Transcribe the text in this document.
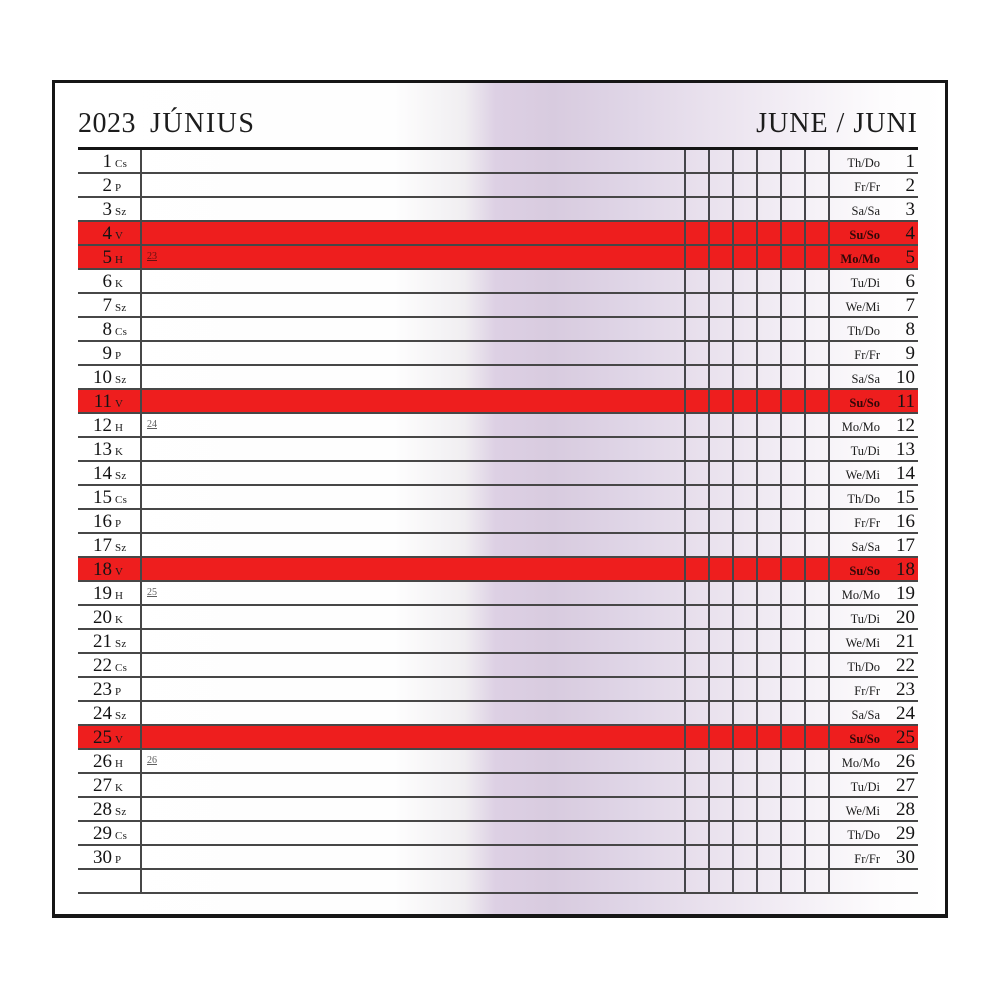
2023 JÚNIUS	JUNE / JUNI
1 Cs	Th/Do	1
2 P	Fr/Fr	2
3 Sz	Sa/Sa	3
4 V	Su/So	4
5 H 23	Mo/Mo	5
6 K	Tu/Di	6
7 Sz	We/Mi	7
8 Cs	Th/Do	8
9 P	Fr/Fr	9
10 Sz	Sa/Sa 10
11 V	Su/So 11
12 H 24	Mo/Mo 12
13 K	Tu/Di 13
14 Sz	We/Mi 14
15 Cs	Th/Do 15
16 P	Fr/Fr 16
17 Sz	Sa/Sa 17
18 V	Su/So 18
19 H 25	Mo/Mo 19
20 K	Tu/Di 20
21 Sz	We/Mi 21
22 Cs	Th/Do 22
23 P	Fr/Fr 23
24 Sz	Sa/Sa 24
25 V	Su/So 25
26 H 26	Mo/Mo 26
27 K	Tu/Di 27
28 Sz	We/Mi 28
29 Cs	Th/Do 29
30 P	Fr/Fr 30
